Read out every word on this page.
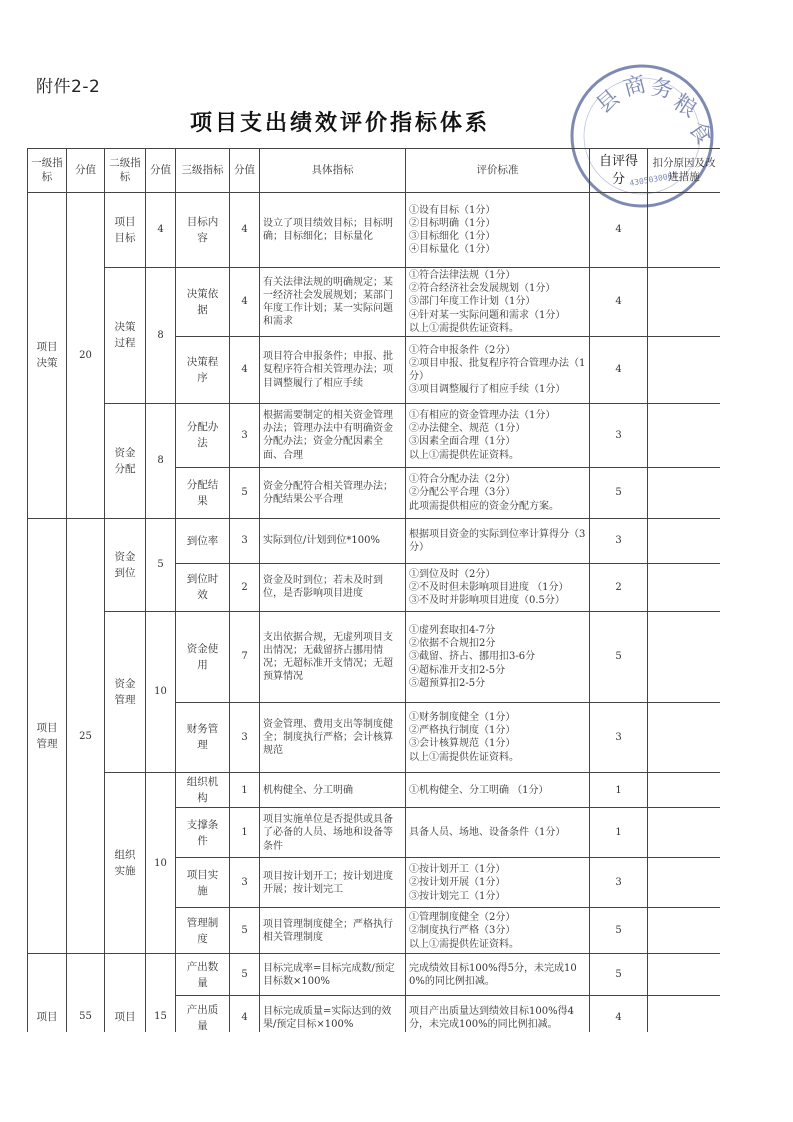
附件2-2
项目支出绩效评价指标体系
县
商 务
粮
食
4305030001
一级指标	分值	二级指标	分值	三级指标	分值	具体指标	评价标准	自评得分	扣分原因及改进措施
项目决策	20	项目目标	4	目标内容	4	设立了项目绩效目标；目标明确；目标细化；目标量化	①设有目标（1分）
②目标明确（1分）
③目标细化（1分）
④目标量化（1分）	4	
		决策过程	8	决策依据	4	有关法律法规的明确规定；某一经济社会发展规划；某部门年度工作计划；某一实际问题和需求	①符合法律法规（1分）
②符合经济社会发展规划（1分）
③部门年度工作计划（1分）
④针对某一实际问题和需求（1分）
以上①需提供佐证资料。	4	
				决策程序	4	项目符合申报条件；申报、批复程序符合相关管理办法；项目调整履行了相应手续	①符合申报条件（2分）
②项目申报、批复程序符合管理办法（1分）
③项目调整履行了相应手续（1分）	4	
		资金分配	8	分配办法	3	根据需要制定的相关资金管理办法；管理办法中有明确资金分配办法；资金分配因素全面、合理	①有相应的资金管理办法（1分）
②办法健全、规范（1分）
③因素全面合理（1分）
以上①需提供佐证资料。	3	
				分配结果	5	资金分配符合相关管理办法；分配结果公平合理	①符合分配办法（2分）
②分配公平合理（3分）
此项需提供相应的资金分配方案。	5	
项目管理	25	资金到位	5	到位率	3	实际到位/计划到位*100%	根据项目资金的实际到位率计算得分（3分）	3	
				到位时效	2	资金及时到位；若未及时到位，是否影响项目进度	①到位及时（2分）
②不及时但未影响项目进度 （1分）
③不及时并影响项目进度（0.5分）	2	
		资金管理	10	资金使用	7	支出依据合规，无虚列项目支出情况；无截留挤占挪用情况；无超标准开支情况；无超预算情况	①虚列套取扣4-7分
②依据不合规扣2分
③截留、挤占、挪用扣3-6分
④超标准开支扣2-5分
⑤超预算扣2-5分	5	
				财务管理	3	资金管理、费用支出等制度健全；制度执行严格；会计核算规范	①财务制度健全（1分）
②严格执行制度（1分）
③会计核算规范（1分）
以上①需提供佐证资料。	3	
		组织实施	10	组织机构	1	机构健全、分工明确	①机构健全、分工明确 （1分）	1	
				支撑条件	1	项目实施单位是否提供或具备了必备的人员、场地和设备等条件	具备人员、场地、设备条件（1分）	1	
				项目实施	3	项目按计划开工；按计划进度开展；按计划完工	①按计划开工（1分）
②按计划开展（1分）
③按计划完工（1分）	3	
				管理制度	5	项目管理制度健全；严格执行相关管理制度	①管理制度健全（2分）
②制度执行严格（3分）
以上①需提供佐证资料。	5	
项目	55	项目	15	产出数量	5	目标完成率=目标完成数/预定目标数×100%	完成绩效目标100%得5分，未完成100%的同比例扣减。	5	
				产出质量	4	目标完成质量=实际达到的效果/预定目标×100%	项目产出质量达到绩效目标100%得4分，未完成100%的同比例扣减。	4	
